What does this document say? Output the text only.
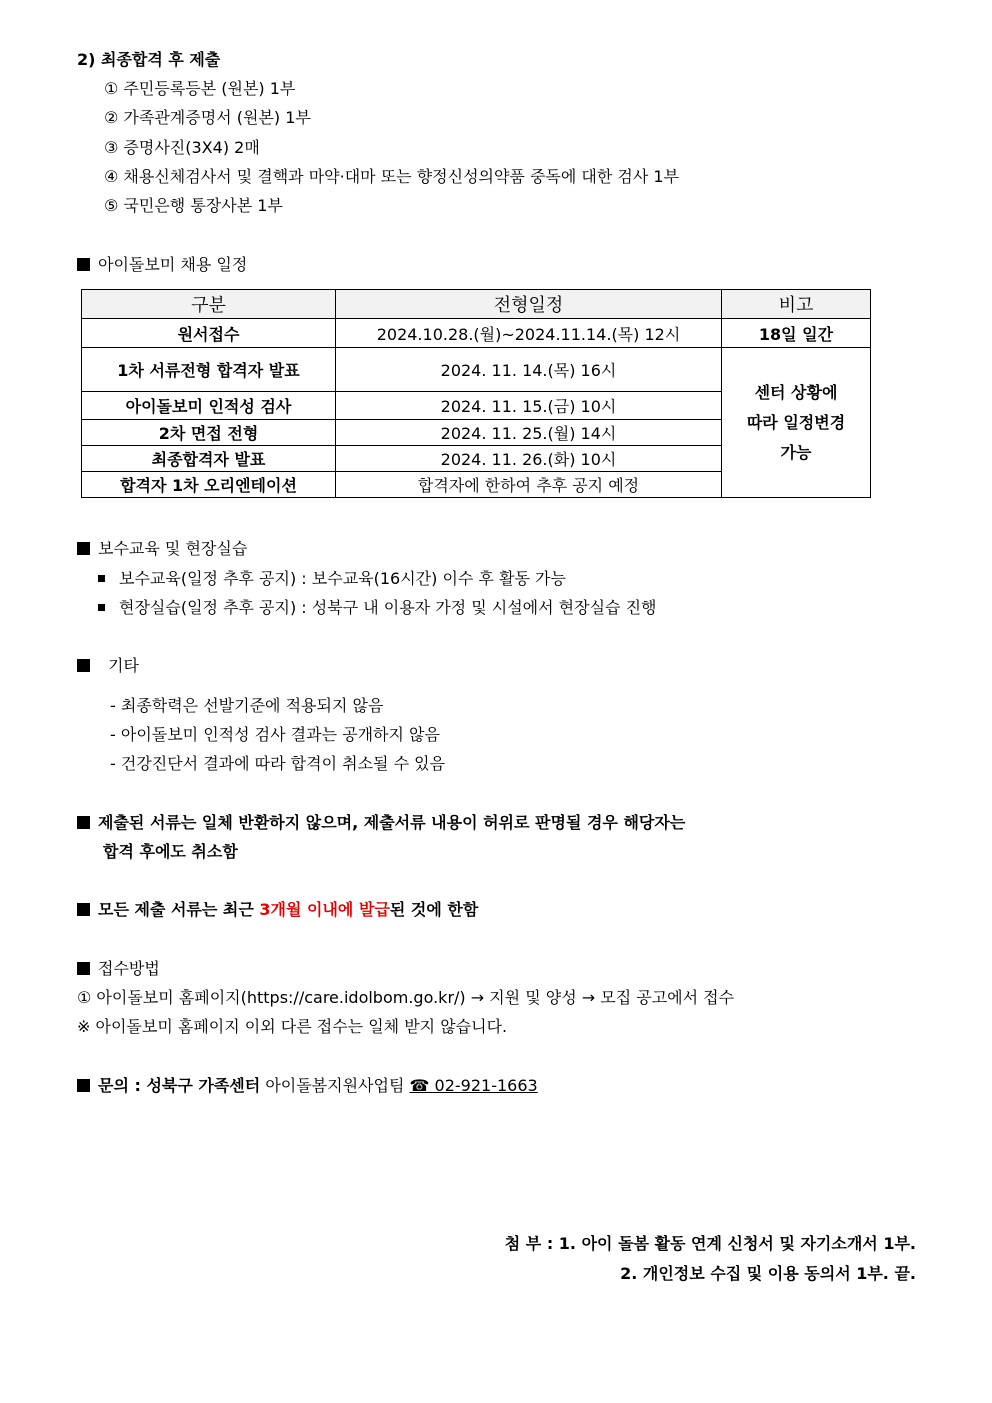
2) 최종합격 후 제출
① 주민등록등본 (원본) 1부
② 가족관계증명서 (원본) 1부
③ 증명사진(3X4) 2매
④ 채용신체검사서 및 결핵과 마약·대마 또는 향정신성의약품 중독에 대한 검사 1부
⑤ 국민은행 통장사본 1부
아이돌보미 채용 일정
구분	전형일정	비고
원서접수	2024.10.28.(월)~2024.11.14.(목) 12시	18일 일간
1차 서류전형 합격자 발표	2024. 11. 14.(목) 16시	센터 상황에
따라 일정변경
가능

아이돌보미 인적성 검사	2024. 11. 15.(금) 10시	
2차 면접 전형	2024. 11. 25.(월) 14시	
최종합격자 발표	2024. 11. 26.(화) 10시	
합격자 1차 오리엔테이션	합격자에 한하여 추후 공지 예정	
보수교육 및 현장실습
보수교육(일정 추후 공지) : 보수교육(16시간) 이수 후 활동 가능
현장실습(일정 추후 공지) : 성북구 내 이용자 가정 및 시설에서 현장실습 진행
기타
- 최종학력은 선발기준에 적용되지 않음
- 아이돌보미 인적성 검사 결과는 공개하지 않음
- 건강진단서 결과에 따라 합격이 취소될 수 있음
제출된 서류는 일체 반환하지 않으며, 제출서류 내용이 허위로 판명될 경우 해당자는
합격 후에도 취소함
모든 제출 서류는 최근 3개월 이내에 발급된 것에 한함
접수방법
① 아이돌보미 홈페이지(https://care.idolbom.go.kr/) → 지원 및 양성 → 모집 공고에서 접수
※ 아이돌보미 홈페이지 이외 다른 접수는 일체 받지 않습니다.
문의 : 성북구 가족센터 아이돌봄지원사업팀 ☎ 02-921-1663
첨 부 : 1. 아이 돌봄 활동 연계 신청서 및 자기소개서 1부.
2. 개인정보 수집 및 이용 동의서 1부. 끝.
